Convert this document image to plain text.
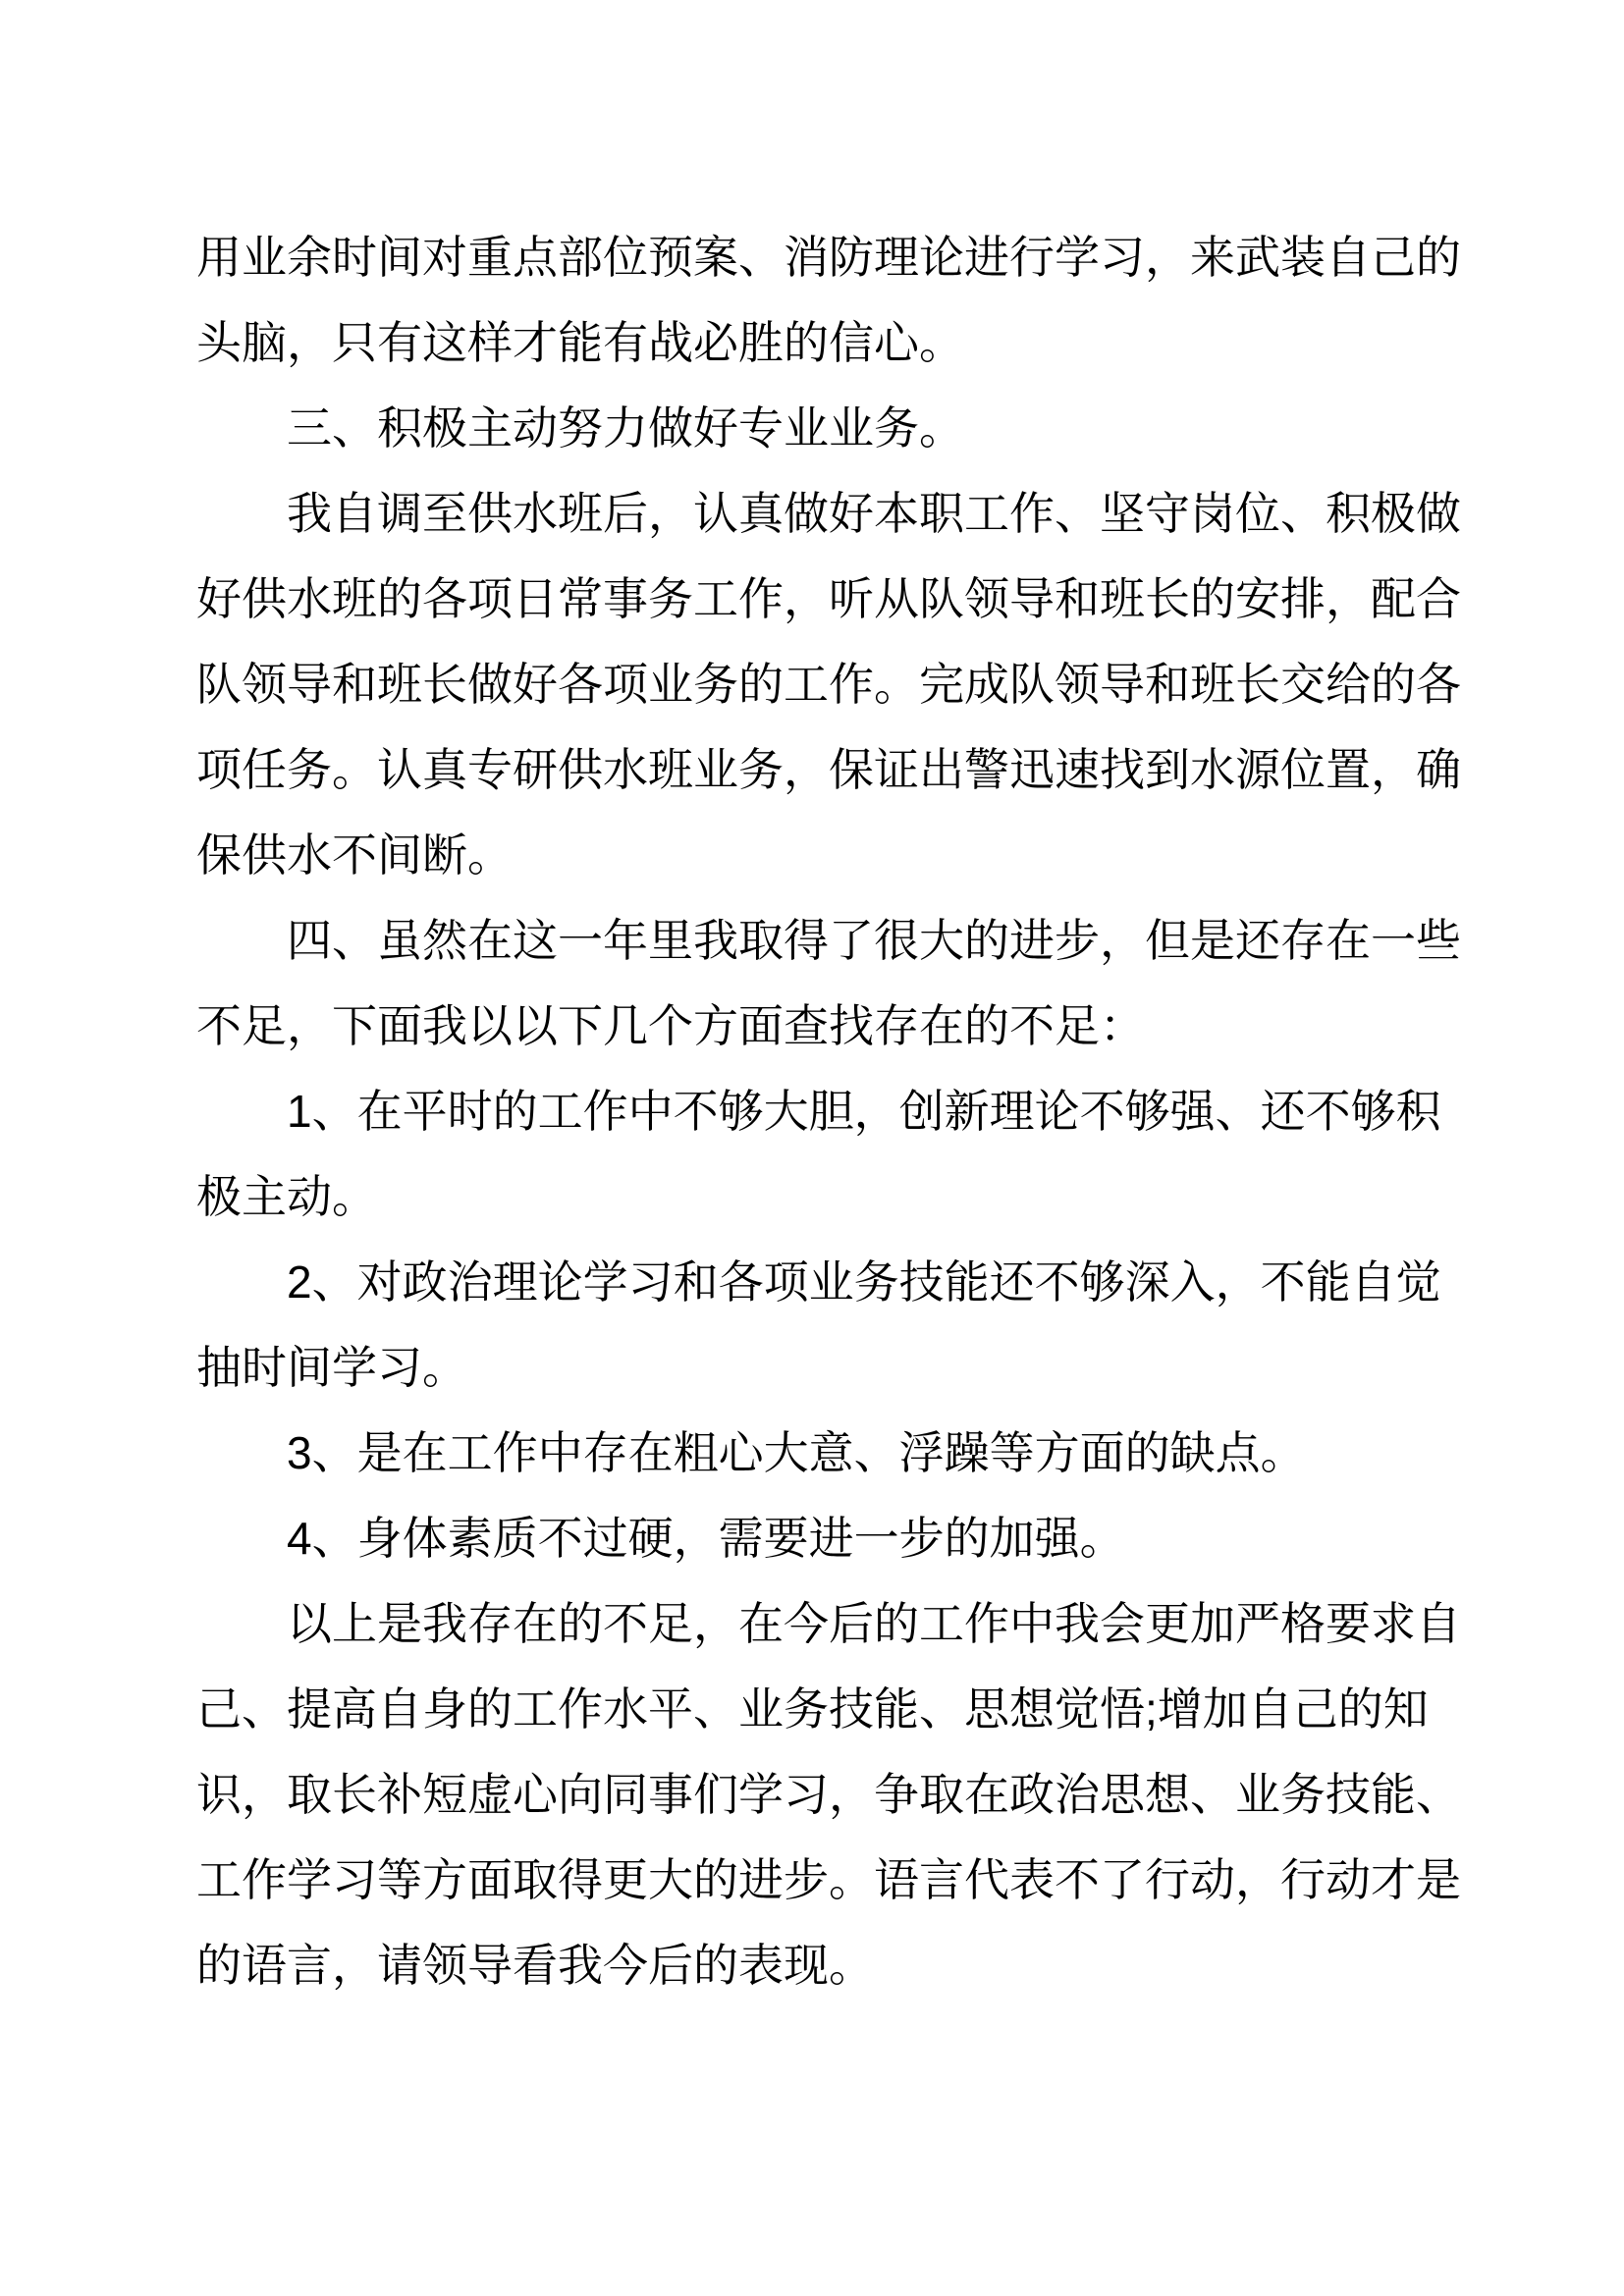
用业余时间对重点部位预案、消防理论进行学习，来武装自己的
头脑，只有这样才能有战必胜的信心。
三、积极主动努力做好专业业务。
我自调至供水班后，认真做好本职工作、坚守岗位、积极做
好供水班的各项日常事务工作，听从队领导和班长的安排，配合
队领导和班长做好各项业务的工作。完成队领导和班长交给的各
项任务。认真专研供水班业务，保证出警迅速找到水源位置，确
保供水不间断。
四、虽然在这一年里我取得了很大的进步，但是还存在一些
不足，下面我以以下几个方面查找存在的不足：
1、在平时的工作中不够大胆，创新理论不够强、还不够积
极主动。
2、对政治理论学习和各项业务技能还不够深入，不能自觉
抽时间学习。
3、是在工作中存在粗心大意、浮躁等方面的缺点。
4、身体素质不过硬，需要进一步的加强。
以上是我存在的不足，在今后的工作中我会更加严格要求自
己、提高自身的工作水平、业务技能、思想觉悟;增加自己的知
识，取长补短虚心向同事们学习，争取在政治思想、业务技能、
工作学习等方面取得更大的进步。语言代表不了行动，行动才是
的语言，请领导看我今后的表现。
